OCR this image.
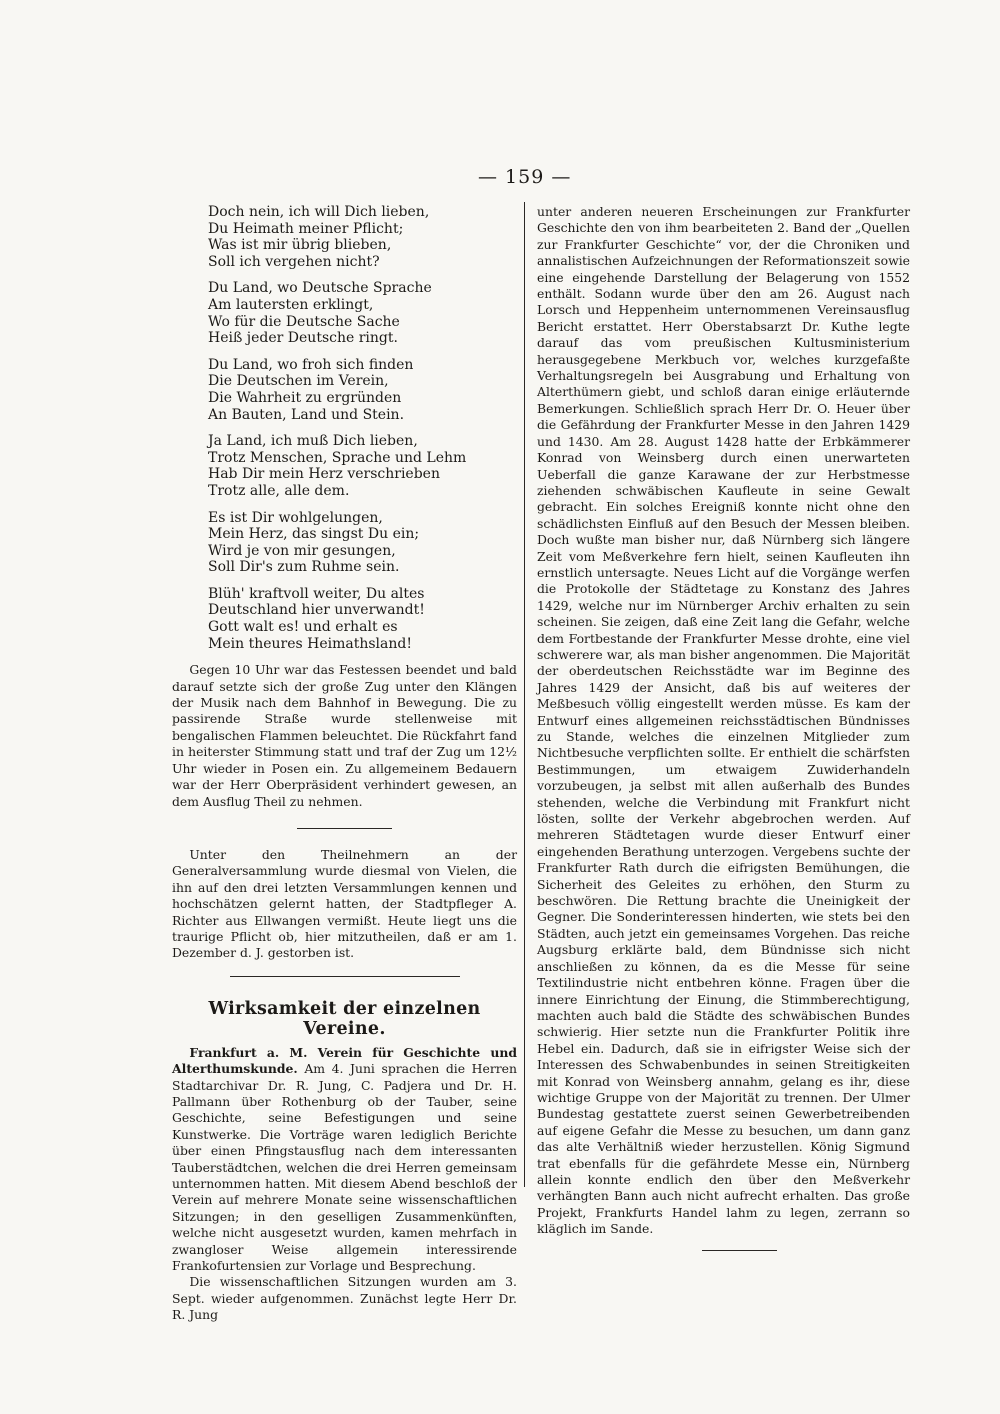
— 159 —
Doch nein, ich will Dich lieben,
Du Heimath meiner Pflicht;
Was ist mir übrig blieben,
Soll ich vergehen nicht?
Du Land, wo Deutsche Sprache
Am lautersten erklingt,
Wo für die Deutsche Sache
Heiß jeder Deutsche ringt.
Du Land, wo froh sich finden
Die Deutschen im Verein,
Die Wahrheit zu ergründen
An Bauten, Land und Stein.
Ja Land, ich muß Dich lieben,
Trotz Menschen, Sprache und Lehm
Hab Dir mein Herz verschrieben
Trotz alle, alle dem.
Es ist Dir wohlgelungen,
Mein Herz, das singst Du ein;
Wird je von mir gesungen,
Soll Dir's zum Ruhme sein.
Blüh' kraftvoll weiter, Du altes
Deutschland hier unverwandt!
Gott walt es! und erhalt es
Mein theures Heimathsland!

Gegen 10 Uhr war das Festessen beendet und bald darauf setzte sich der große Zug unter den Klängen der Musik nach dem Bahnhof in Bewegung. Die zu passirende Straße wurde stellenweise mit bengalischen Flammen beleuchtet. Die Rückfahrt fand in heiterster Stimmung statt und traf der Zug um 12½ Uhr wieder in Posen ein. Zu allgemeinem Bedauern war der Herr Oberpräsident verhindert gewesen, an dem Ausflug Theil zu nehmen.

Unter den Theilnehmern an der Generalversammlung wurde diesmal von Vielen, die ihn auf den drei letzten Versammlungen kennen und hochschätzen gelernt hatten, der Stadtpfleger A. Richter aus Ellwangen vermißt. Heute liegt uns die traurige Pflicht ob, hier mitzutheilen, daß er am 1. Dezember d. J. gestorben ist.

Wirksamkeit der einzelnen Vereine.

Frankfurt a. M. Verein für Geschichte und Alterthumskunde. Am 4. Juni sprachen die Herren Stadtarchivar Dr. R. Jung, C. Padjera und Dr. H. Pallmann über Rothenburg ob der Tauber, seine Geschichte, seine Befestigungen und seine Kunstwerke. Die Vorträge waren lediglich Berichte über einen Pfingstausflug nach dem interessanten Tauberstädtchen, welchen die drei Herren gemeinsam unternommen hatten. Mit diesem Abend beschloß der Verein auf mehrere Monate seine wissenschaftlichen Sitzungen; in den geselligen Zusammenkünften, welche nicht ausgesetzt wurden, kamen mehrfach in zwangloser Weise allgemein interessirende Frankofurtensien zur Vorlage und Besprechung.

Die wissenschaftlichen Sitzungen wurden am 3. Sept. wieder aufgenommen. Zunächst legte Herr Dr. R. Jung

unter anderen neueren Erscheinungen zur Frankfurter Geschichte den von ihm bearbeiteten 2. Band der „Quellen zur Frankfurter Geschichte“ vor, der die Chroniken und annalistischen Aufzeichnungen der Reformationszeit sowie eine eingehende Darstellung der Belagerung von 1552 enthält. Sodann wurde über den am 26. August nach Lorsch und Heppenheim unternommenen Vereinsausflug Bericht erstattet. Herr Oberstabsarzt Dr. Kuthe legte darauf das vom preußischen Kultusministerium herausgegebene Merkbuch vor, welches kurzgefaßte Verhaltungsregeln bei Ausgrabung und Erhaltung von Alterthümern giebt, und schloß daran einige erläuternde Bemerkungen. Schließlich sprach Herr Dr. O. Heuer über die Gefährdung der Frankfurter Messe in den Jahren 1429 und 1430. Am 28. August 1428 hatte der Erbkämmerer Konrad von Weinsberg durch einen unerwarteten Ueberfall die ganze Karawane der zur Herbstmesse ziehenden schwäbischen Kaufleute in seine Gewalt gebracht. Ein solches Ereigniß konnte nicht ohne den schädlichsten Einfluß auf den Besuch der Messen bleiben. Doch wußte man bisher nur, daß Nürnberg sich längere Zeit vom Meßverkehre fern hielt, seinen Kaufleuten ihn ernstlich untersagte. Neues Licht auf die Vorgänge werfen die Protokolle der Städtetage zu Konstanz des Jahres 1429, welche nur im Nürnberger Archiv erhalten zu sein scheinen. Sie zeigen, daß eine Zeit lang die Gefahr, welche dem Fortbestande der Frankfurter Messe drohte, eine viel schwerere war, als man bisher angenommen. Die Majorität der oberdeutschen Reichsstädte war im Beginne des Jahres 1429 der Ansicht, daß bis auf weiteres der Meßbesuch völlig eingestellt werden müsse. Es kam der Entwurf eines allgemeinen reichsstädtischen Bündnisses zu Stande, welches die einzelnen Mitglieder zum Nichtbesuche verpflichten sollte. Er enthielt die schärfsten Bestimmungen, um etwaigem Zuwiderhandeln vorzubeugen, ja selbst mit allen außerhalb des Bundes stehenden, welche die Verbindung mit Frankfurt nicht lösten, sollte der Verkehr abgebrochen werden. Auf mehreren Städtetagen wurde dieser Entwurf einer eingehenden Berathung unterzogen. Vergebens suchte der Frankfurter Rath durch die eifrigsten Bemühungen, die Sicherheit des Geleites zu erhöhen, den Sturm zu beschwören. Die Rettung brachte die Uneinigkeit der Gegner. Die Sonderinteressen hinderten, wie stets bei den Städten, auch jetzt ein gemeinsames Vorgehen. Das reiche Augsburg erklärte bald, dem Bündnisse sich nicht anschließen zu können, da es die Messe für seine Textilindustrie nicht entbehren könne. Fragen über die innere Einrichtung der Einung, die Stimmberechtigung, machten auch bald die Städte des schwäbischen Bundes schwierig. Hier setzte nun die Frankfurter Politik ihre Hebel ein. Dadurch, daß sie in eifrigster Weise sich der Interessen des Schwabenbundes in seinen Streitigkeiten mit Konrad von Weinsberg annahm, gelang es ihr, diese wichtige Gruppe von der Majorität zu trennen. Der Ulmer Bundestag gestattete zuerst seinen Gewerbetreibenden auf eigene Gefahr die Messe zu besuchen, um dann ganz das alte Verhältniß wieder herzustellen. König Sigmund trat ebenfalls für die gefährdete Messe ein, Nürnberg allein konnte endlich den über den Meßverkehr verhängten Bann auch nicht aufrecht erhalten. Das große Projekt, Frankfurts Handel lahm zu legen, zerrann so kläglich im Sande.
